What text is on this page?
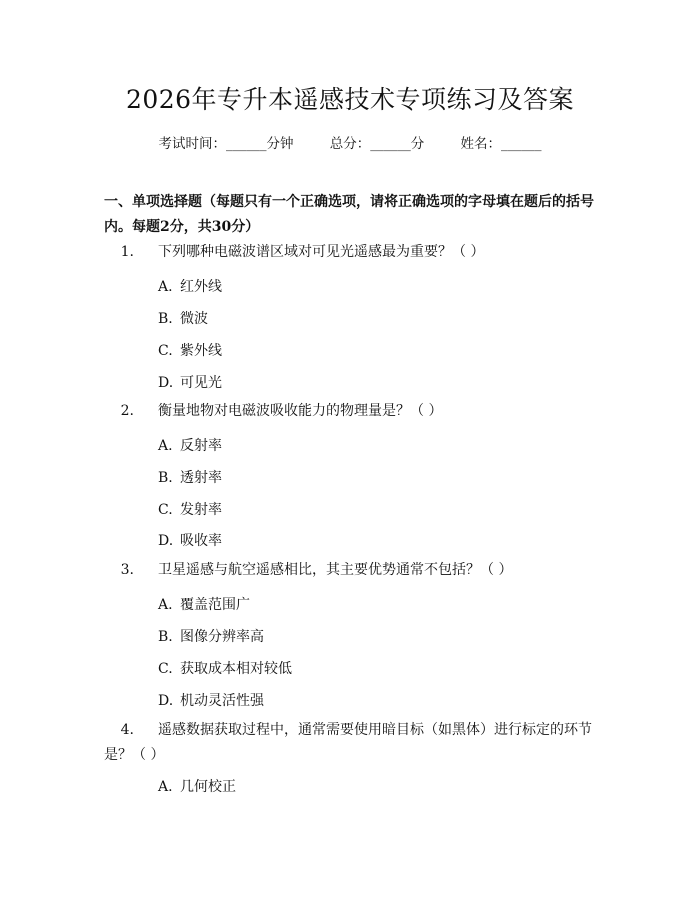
2026年专升本遥感技术专项练习及答案
考试时间：______分钟	总分：______分	姓名：______
一、单项选择题（每题只有一个正确选项，请将正确选项的字母填在题后的括号内。每题2分，共30分）
1. 下列哪种电磁波谱区域对可见光遥感最为重要？（ ）
A. 红外线
B. 微波
C. 紫外线
D. 可见光
2. 衡量地物对电磁波吸收能力的物理量是？（ ）
A. 反射率
B. 透射率
C. 发射率
D. 吸收率
3. 卫星遥感与航空遥感相比，其主要优势通常不包括？（ ）
A. 覆盖范围广
B. 图像分辨率高
C. 获取成本相对较低
D. 机动灵活性强
4. 遥感数据获取过程中，通常需要使用暗目标（如黑体）进行标定的环节是？（ ）
A. 几何校正
